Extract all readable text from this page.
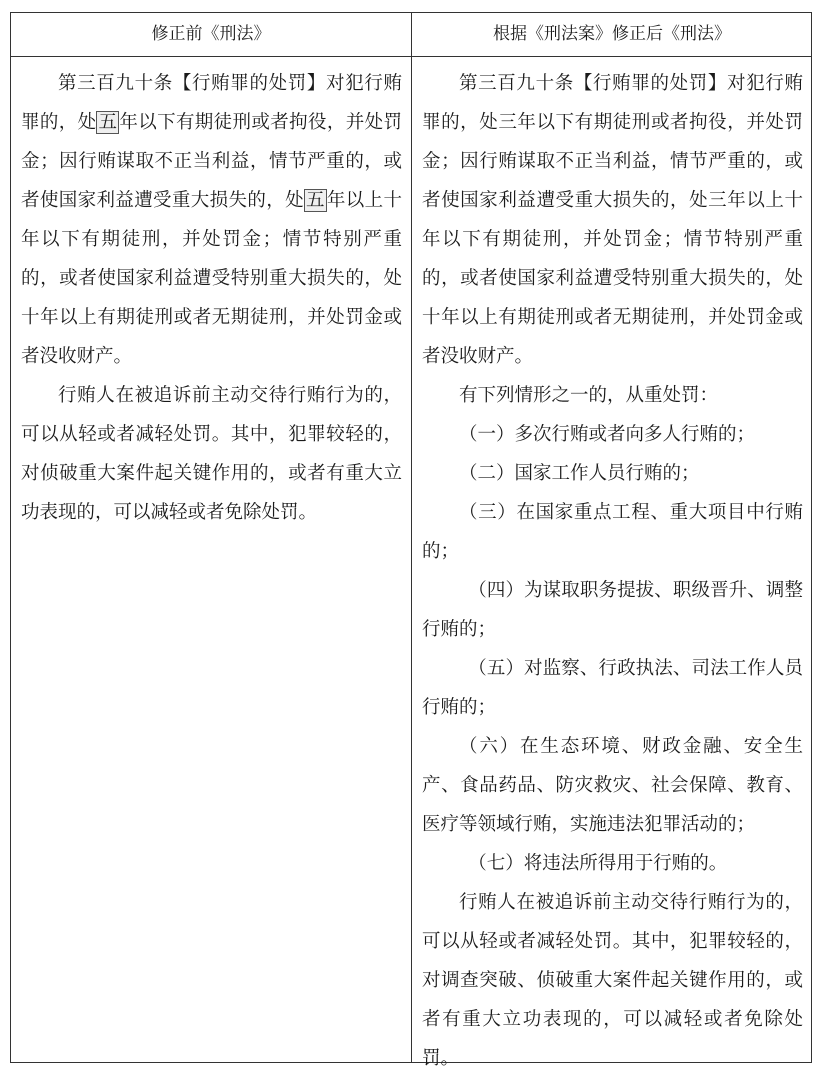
修正前《刑法》	根据《刑法案》修正后《刑法》

第三百九十条【行贿罪的处罚】对犯行贿罪的，处 五 年以下有期徒刑或者拘役，并处罚金；因行贿谋取不正当利益，情节严重的，或者使国家利益遭受重大损失的，处 五 年以上十年以下有期徒刑，并处罚金；情节特别严重的，或者使国家利益遭受特别重大损失的，处十年以上有期徒刑或者无期徒刑，并处罚金或者没收财产。

行贿人在被追诉前主动交待行贿行为的，可以从轻或者减轻处罚。其中，犯罪较轻的，对侦破重大案件起关键作用的，或者有重大立功表现的，可以减轻或者免除处罚。

第三百九十条【行贿罪的处罚】对犯行贿罪的，处三年以下有期徒刑或者拘役，并处罚金；因行贿谋取不正当利益，情节严重的，或者使国家利益遭受重大损失的，处三年以上十年以下有期徒刑，并处罚金；情节特别严重的，或者使国家利益遭受特别重大损失的，处十年以上有期徒刑或者无期徒刑，并处罚金或者没收财产。

有下列情形之一的，从重处罚：

（一）多次行贿或者向多人行贿的；

（二）国家工作人员行贿的；

（三）在国家重点工程、重大项目中行贿的；

（四）为谋取职务提拔、职级晋升、调整行贿的；

（五）对监察、行政执法、司法工作人员行贿的；

（六）在生态环境、财政金融、安全生产、食品药品、防灾救灾、社会保障、教育、医疗等领域行贿，实施违法犯罪活动的；

（七）将违法所得用于行贿的。

行贿人在被追诉前主动交待行贿行为的，可以从轻或者减轻处罚。其中，犯罪较轻的，对调查突破、侦破重大案件起关键作用的，或者有重大立功表现的，可以减轻或者免除处罚。
